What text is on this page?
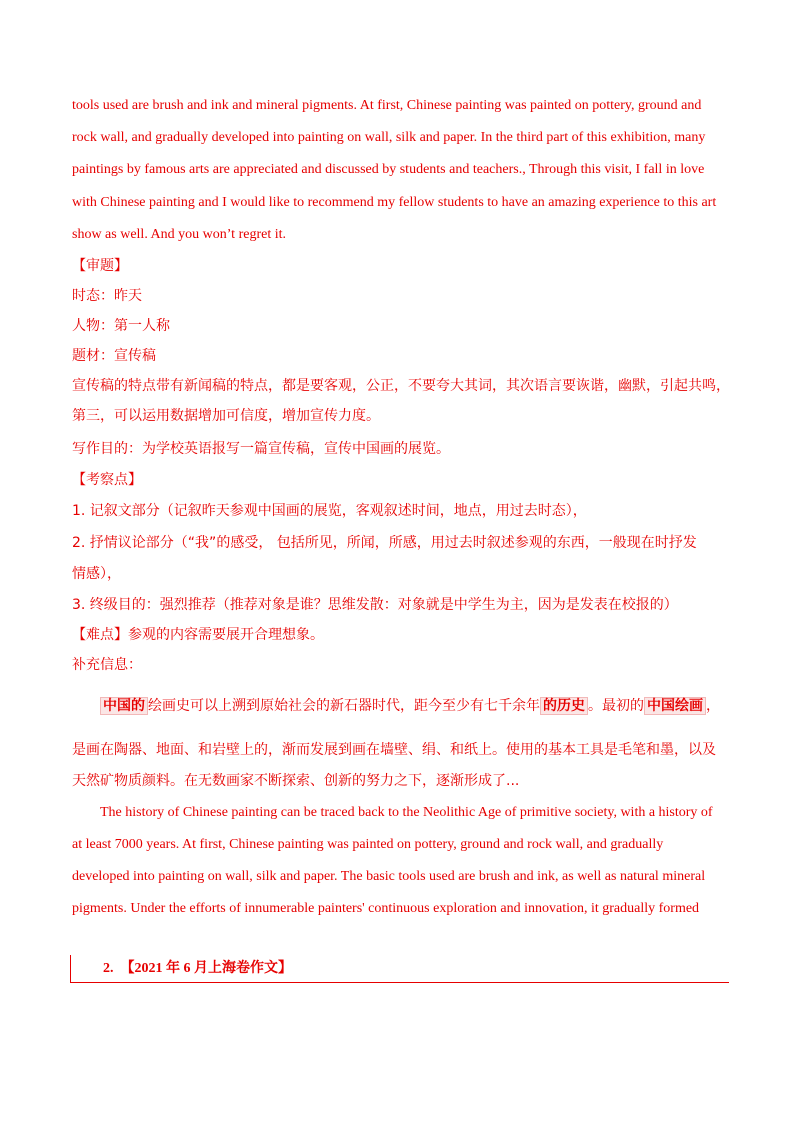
tools used are brush and ink and mineral pigments. At first, Chinese painting was painted on pottery, ground and

rock wall, and gradually developed into painting on wall, silk and paper. In the third part of this exhibition, many

paintings by famous arts are appreciated and discussed by students and teachers., Through this visit, I fall in love

with Chinese painting and I would like to recommend my fellow students to have an amazing experience to this art

show as well. And you won’t regret it.

【审题】

时态：昨天

人物：第一人称

题材：宣传稿

宣传稿的特点带有新闻稿的特点，都是要客观，公正，不要夸大其词，其次语言要诙谐，幽默，引起共鸣，第三，可以运用数据增加可信度，增加宣传力度。

写作目的：为学校英语报写一篇宣传稿，宣传中国画的展览。

【考察点】

1. 记叙文部分（记叙昨天参观中国画的展览，客观叙述时间，地点，用过去时态），

2. 抒情议论部分（“我”的感受， 包括所见，所闻，所感，用过去时叙述参观的东西，一般现在时抒发

情感），

3. 终级目的：强烈推荐（推荐对象是谁？思维发散：对象就是中学生为主，因为是发表在校报的）

【难点】参观的内容需要展开合理想象。

补充信息：

中国的 绘画史可以上溯到原始社会的新石器时代，距今至少有七千余年 的历史 。最初的 中国绘画 ，

是画在陶器、地面、和岩壁上的，渐而发展到画在墙壁、绢、和纸上。使用的基本工具是毛笔和墨，以及

天然矿物质颜料。在无数画家不断探索、创新的努力之下，逐渐形成了...

The history of Chinese painting can be traced back to the Neolithic Age of primitive society, with a history of

at least 7000 years. At first, Chinese painting was painted on pottery, ground and rock wall, and gradually

developed into painting on wall, silk and paper. The basic tools used are brush and ink, as well as natural mineral

pigments. Under the efforts of innumerable painters' continuous exploration and innovation, it gradually formed

2. 【2021 年 6 月上海卷作文】
